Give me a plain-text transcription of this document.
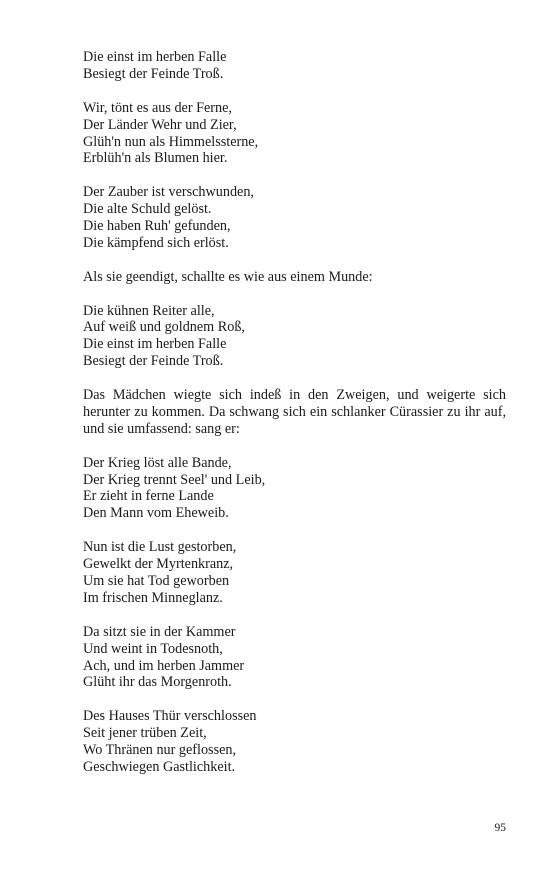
Die einst im herben Falle
Besiegt der Feinde Troß.
Wir, tönt es aus der Ferne,
Der Länder Wehr und Zier,
Glüh'n nun als Himmelssterne,
Erblüh'n als Blumen hier.
Der Zauber ist verschwunden,
Die alte Schuld gelöst.
Die haben Ruh' gefunden,
Die kämpfend sich erlöst.

Als sie geendigt, schallte es wie aus einem Munde:

Die kühnen Reiter alle,
Auf weiß und goldnem Roß,
Die einst im herben Falle
Besiegt der Feinde Troß.

Das Mädchen wiegte sich indeß in den Zweigen, und weigerte sich herunter zu kommen. Da schwang sich ein schlanker Cürassier zu ihr auf, und sie umfassend: sang er:

Der Krieg löst alle Bande,
Der Krieg trennt Seel' und Leib,
Er zieht in ferne Lande
Den Mann vom Eheweib.
Nun ist die Lust gestorben,
Gewelkt der Myrtenkranz,
Um sie hat Tod geworben
Im frischen Minneglanz.
Da sitzt sie in der Kammer
Und weint in Todesnoth,
Ach, und im herben Jammer
Glüht ihr das Morgenroth.
Des Hauses Thür verschlossen
Seit jener trüben Zeit,
Wo Thränen nur geflossen,
Geschwiegen Gastlichkeit.
95
